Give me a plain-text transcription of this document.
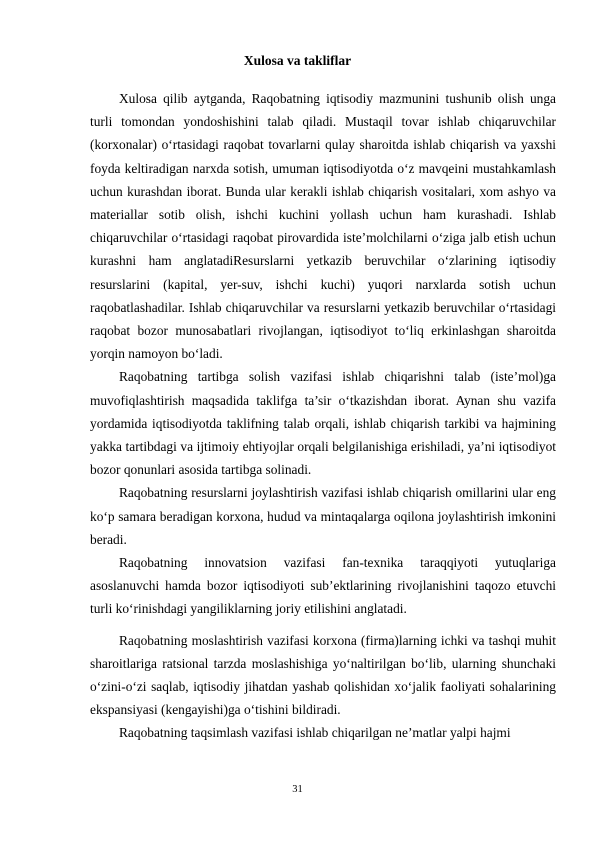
Xulosa va takliflar

Xulosa qilib aytganda, Raqobatning iqtisodiy mazmunini tushunib olish unga turli tomondan yondoshishini talab qiladi. Mustaqil tovar ishlab chiqaruvchilar (korxonalar) o‘rtasidagi raqobat tovarlarni qulay sharoitda ishlab chiqarish va yaxshi foyda keltiradigan narxda sotish, umuman iqtisodiyotda o‘z mavqeini mustahkamlash uchun kurashdan iborat. Bunda ular kerakli ishlab chiqarish vositalari, xom ashyo va materiallar sotib olish, ishchi kuchini yollash uchun ham kurashadi. Ishlab chiqaruvchilar o‘rtasidagi raqobat pirovardida iste’molchilarni o‘ziga jalb etish uchun kurashni ham anglatadiResurslarni yetkazib beruvchilar o‘zlarining iqtisodiy resurslarini (kapital, yer-suv, ishchi kuchi) yuqori narxlarda sotish uchun raqobatlashadilar. Ishlab chiqaruvchilar va resurslarni yetkazib beruvchilar o‘rtasidagi raqobat bozor munosabatlari rivojlangan, iqtisodiyot to‘liq erkinlashgan sharoitda yorqin namoyon bo‘ladi.

Raqobatning tartibga solish vazifasi ishlab chiqarishni talab (iste’mol)ga muvofiqlashtirish maqsadida taklifga ta’sir o‘tkazishdan iborat. Aynan shu vazifa yordamida iqtisodiyotda taklifning talab orqali, ishlab chiqarish tarkibi va hajmining yakka tartibdagi va ijtimoiy ehtiyojlar orqali belgilanishiga erishiladi, ya’ni iqtisodiyot bozor qonunlari asosida tartibga solinadi.

Raqobatning resurslarni joylashtirish vazifasi ishlab chiqarish omillarini ular eng ko‘p samara beradigan korxona, hudud va mintaqalarga oqilona joylashtirish imkonini beradi.

Raqobatning innovatsion vazifasi fan-texnika taraqqiyoti yutuqlariga asoslanuvchi hamda bozor iqtisodiyoti sub’ektlarining rivojlanishini taqozo etuvchi turli ko‘rinishdagi yangiliklarning joriy etilishini anglatadi.

Raqobatning moslashtirish vazifasi korxona (firma)larning ichki va tashqi muhit sharoitlariga ratsional tarzda moslashishiga yo‘naltirilgan bo‘lib, ularning shunchaki o‘zini-o‘zi saqlab, iqtisodiy jihatdan yashab qolishidan xo‘jalik faoliyati sohalarining ekspansiyasi (kengayishi)ga o‘tishini bildiradi.

Raqobatning taqsimlash vazifasi ishlab chiqarilgan ne’matlar yalpi hajmi

31
